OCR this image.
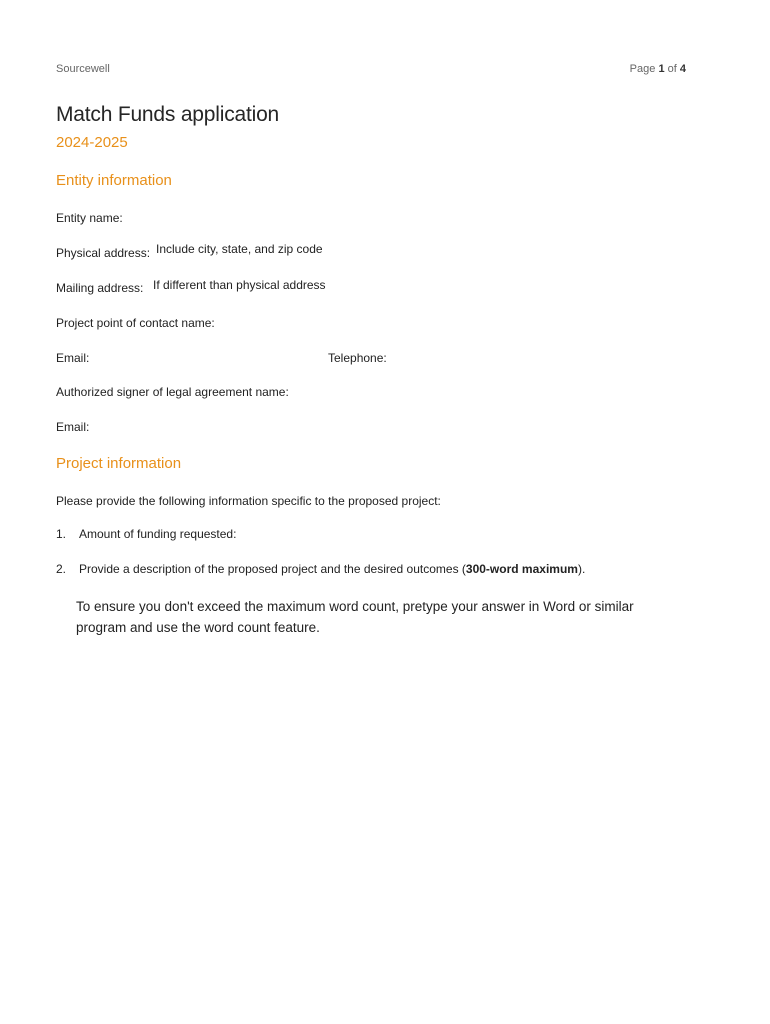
Sourcewell	Page 1 of 4
Match Funds application
2024-2025
Entity information
Entity name:
Physical address: Include city, state, and zip code
Mailing address: If different than physical address
Project point of contact name:
Email:	Telephone:
Authorized signer of legal agreement name:
Email:
Project information
Please provide the following information specific to the proposed project:
1. Amount of funding requested:
2. Provide a description of the proposed project and the desired outcomes (300-word maximum).
To ensure you don't exceed the maximum word count, pretype your answer in Word or similar program and use the word count feature.
